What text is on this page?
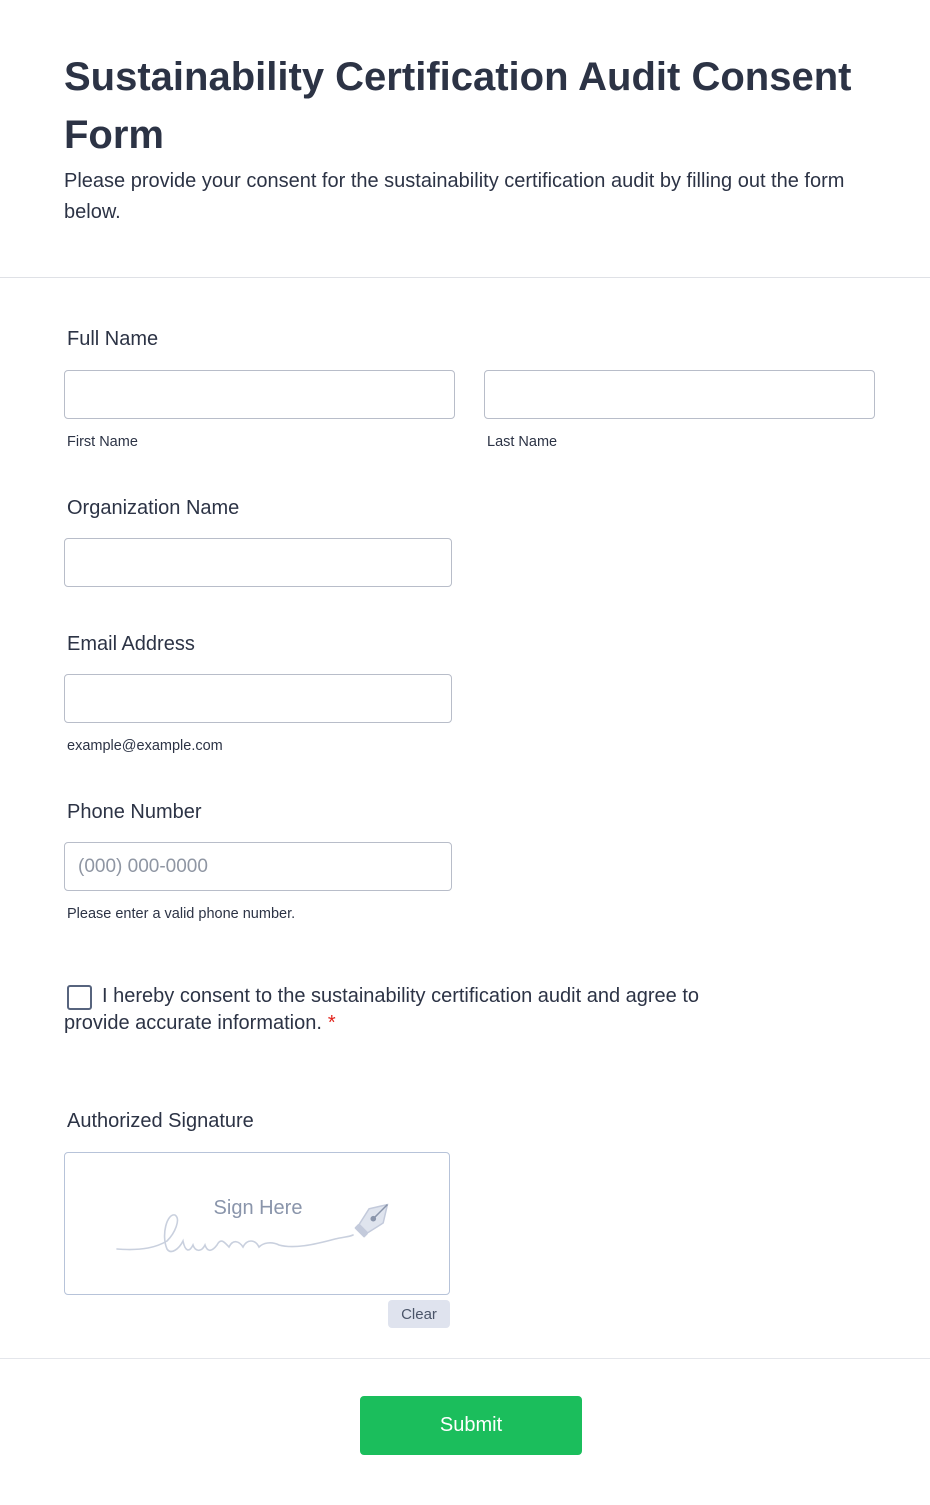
Sustainability Certification Audit Consent Form

Please provide your consent for the sustainability certification audit by filling out the form below.

Full Name
First Name	Last Name
Organization Name
Email Address
example@example.com
Phone Number
(000) 000-0000
Please enter a valid phone number.

I hereby consent to the sustainability certification audit and agree to provide accurate information. *

Authorized Signature
Sign Here
Clear
Submit
